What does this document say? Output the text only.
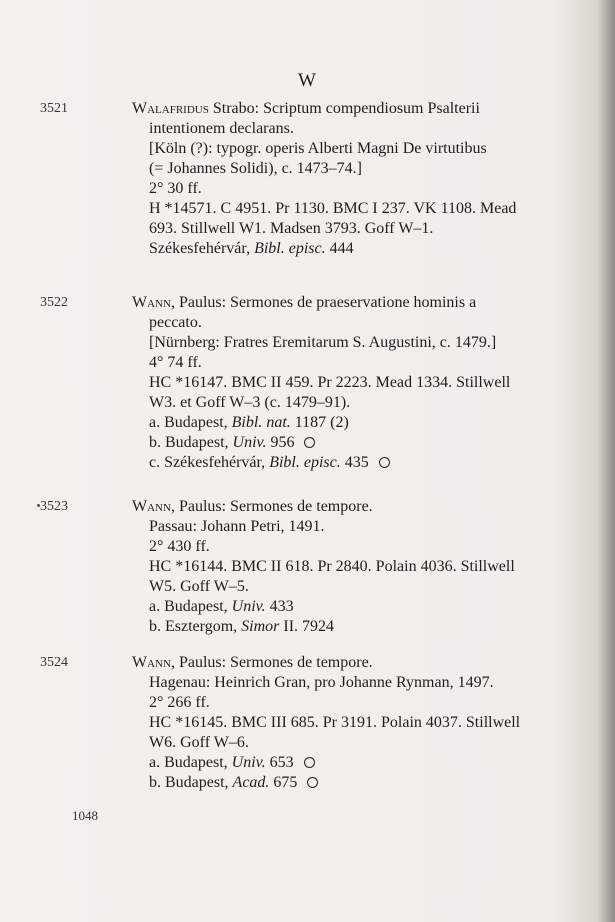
W
3521	Walafridus Strabo: Scriptum compendiosum Psalterii
intentionem declarans.
[Köln (?): typogr. operis Alberti Magni De virtutibus
(= Johannes Solidi), c. 1473–74.]
2° 30 ff.
H *14571. C 4951. Pr 1130. BMC I 237. VK 1108. Mead
693. Stillwell W1. Madsen 3793. Goff W–1.
Székesfehérvár, Bibl. episc. 444
3522	Wann, Paulus: Sermones de praeservatione hominis a
peccato.
[Nürnberg: Fratres Eremitarum S. Augustini, c. 1479.]
4° 74 ff.
HC *16147. BMC II 459. Pr 2223. Mead 1334. Stillwell
W3. et Goff W–3 (c. 1479–91).
a. Budapest, Bibl. nat. 1187 (2)
b. Budapest, Univ. 956
c. Székesfehérvár, Bibl. episc. 435
3523	Wann, Paulus: Sermones de tempore.
Passau: Johann Petri, 1491.
2° 430 ff.
HC *16144. BMC II 618. Pr 2840. Polain 4036. Stillwell
W5. Goff W–5.
a. Budapest, Univ. 433
b. Esztergom, Simor II. 7924
3524	Wann, Paulus: Sermones de tempore.
Hagenau: Heinrich Gran, pro Johanne Rynman, 1497.
2° 266 ff.
HC *16145. BMC III 685. Pr 3191. Polain 4037. Stillwell
W6. Goff W–6.
a. Budapest, Univ. 653
b. Budapest, Acad. 675
1048
